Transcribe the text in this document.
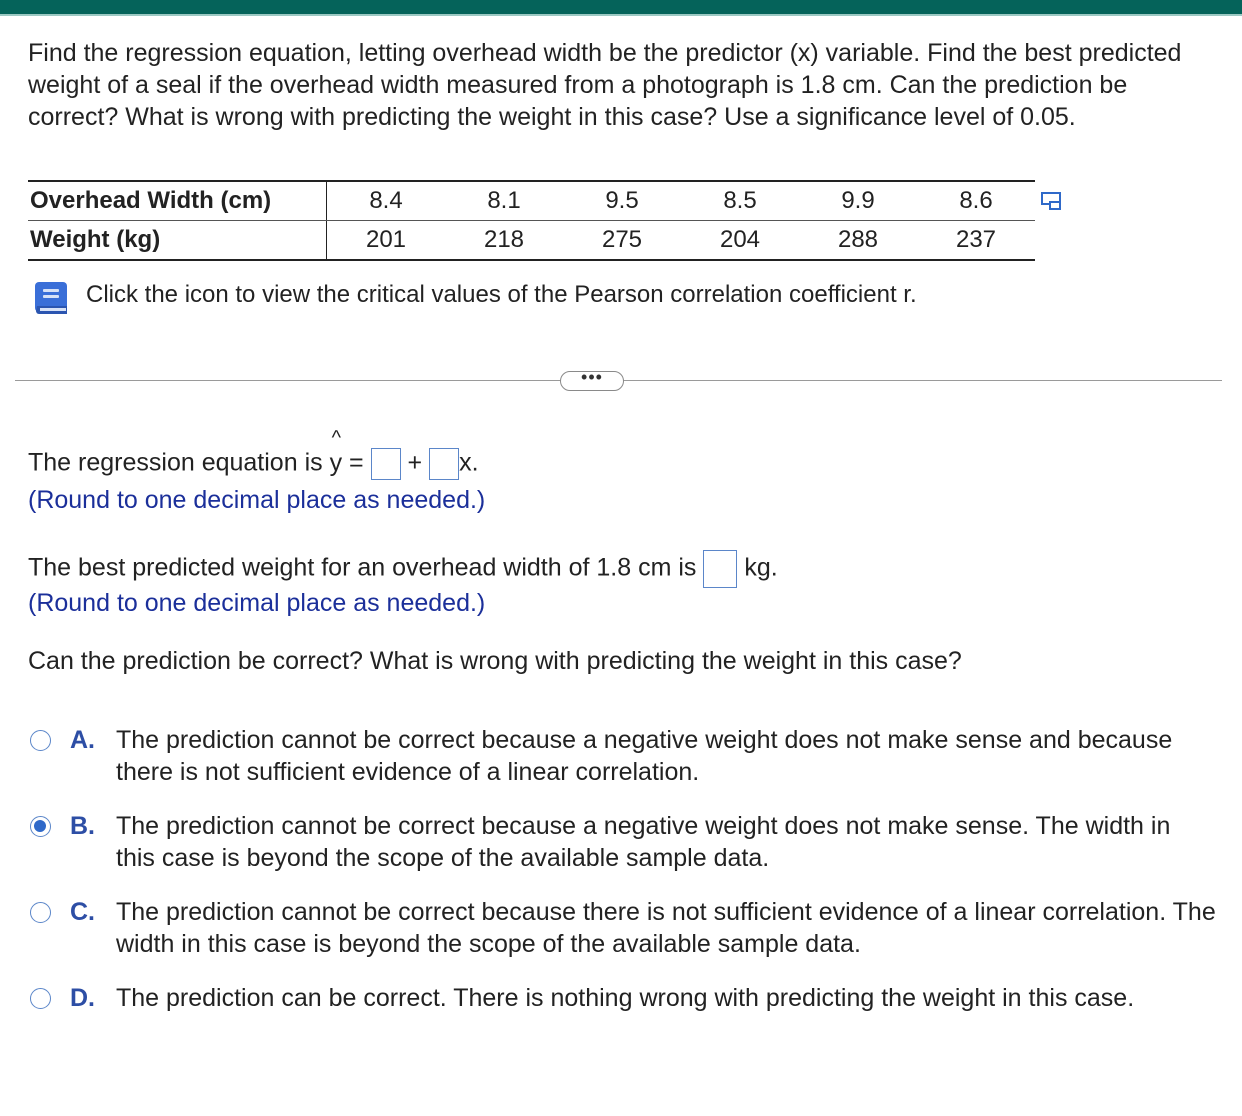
Find the regression equation, letting overhead width be the predictor (x) variable. Find the best predicted weight of a seal if the overhead width measured from a photograph is 1.8 cm. Can the prediction be correct? What is wrong with predicting the weight in this case? Use a significance level of 0.05.
Overhead Width (cm)	8.4	8.1	9.5	8.5	9.9	8.6
Weight (kg)	201	218	275	204	288	237
Click the icon to view the critical values of the Pearson correlation coefficient r.
•••
The regression equation is
^
y = + x.
(Round to one decimal place as needed.)
The best predicted weight for an overhead width of 1.8 cm is kg.
(Round to one decimal place as needed.)
Can the prediction be correct? What is wrong with predicting the weight in this case?
A. The prediction cannot be correct because a negative weight does not make sense and because there is not sufficient evidence of a linear correlation.
B. The prediction cannot be correct because a negative weight does not make sense. The width in this case is beyond the scope of the available sample data.
C. The prediction cannot be correct because there is not sufficient evidence of a linear correlation. The width in this case is beyond the scope of the available sample data.
D. The prediction can be correct. There is nothing wrong with predicting the weight in this case.
